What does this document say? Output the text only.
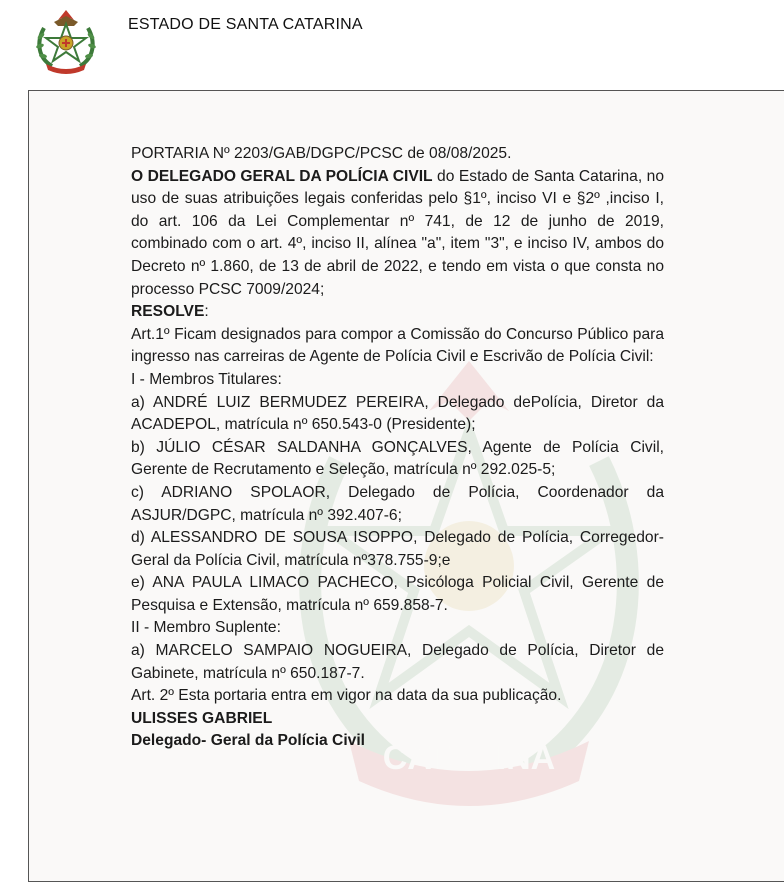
ESTADO DE SANTA CATARINA
CATARINA

PORTARIA Nº 2203/GAB/DGPC/PCSC de 08/08/2025.

O DELEGADO GERAL DA POLÍCIA CIVIL do Estado de Santa Catarina, no uso de suas atribuições legais conferidas pelo §1º, inciso VI e §2º ,inciso I, do art. 106 da Lei Complementar nº 741, de 12 de junho de 2019, combinado com o art. 4º, inciso II, alínea "a", item "3", e inciso IV, ambos do Decreto nº 1.860, de 13 de abril de 2022, e tendo em vista o que consta no processo PCSC 7009/2024;

RESOLVE:

Art.1º Ficam designados para compor a Comissão do Concurso Público para ingresso nas carreiras de Agente de Polícia Civil e Escrivão de Polícia Civil:

I - Membros Titulares:

a) ANDRÉ LUIZ BERMUDEZ PEREIRA, Delegado dePolícia, Diretor da ACADEPOL, matrícula nº 650.543-0 (Presidente);

b) JÚLIO CÉSAR SALDANHA GONÇALVES, Agente de Polícia Civil, Gerente de Recrutamento e Seleção, matrícula nº 292.025-5;

c) ADRIANO SPOLAOR, Delegado de Polícia, Coordenador da ASJUR/DGPC, matrícula nº 392.407-6;

d) ALESSANDRO DE SOUSA ISOPPO, Delegado de Polícia, Corregedor-Geral da Polícia Civil, matrícula nº378.755-9;e

e) ANA PAULA LIMACO PACHECO, Psicóloga Policial Civil, Gerente de Pesquisa e Extensão, matrícula nº 659.858-7.

II - Membro Suplente:

a) MARCELO SAMPAIO NOGUEIRA, Delegado de Polícia, Diretor de Gabinete, matrícula nº 650.187-7.

Art. 2º Esta portaria entra em vigor na data da sua publicação.

ULISSES GABRIEL

Delegado- Geral da Polícia Civil
